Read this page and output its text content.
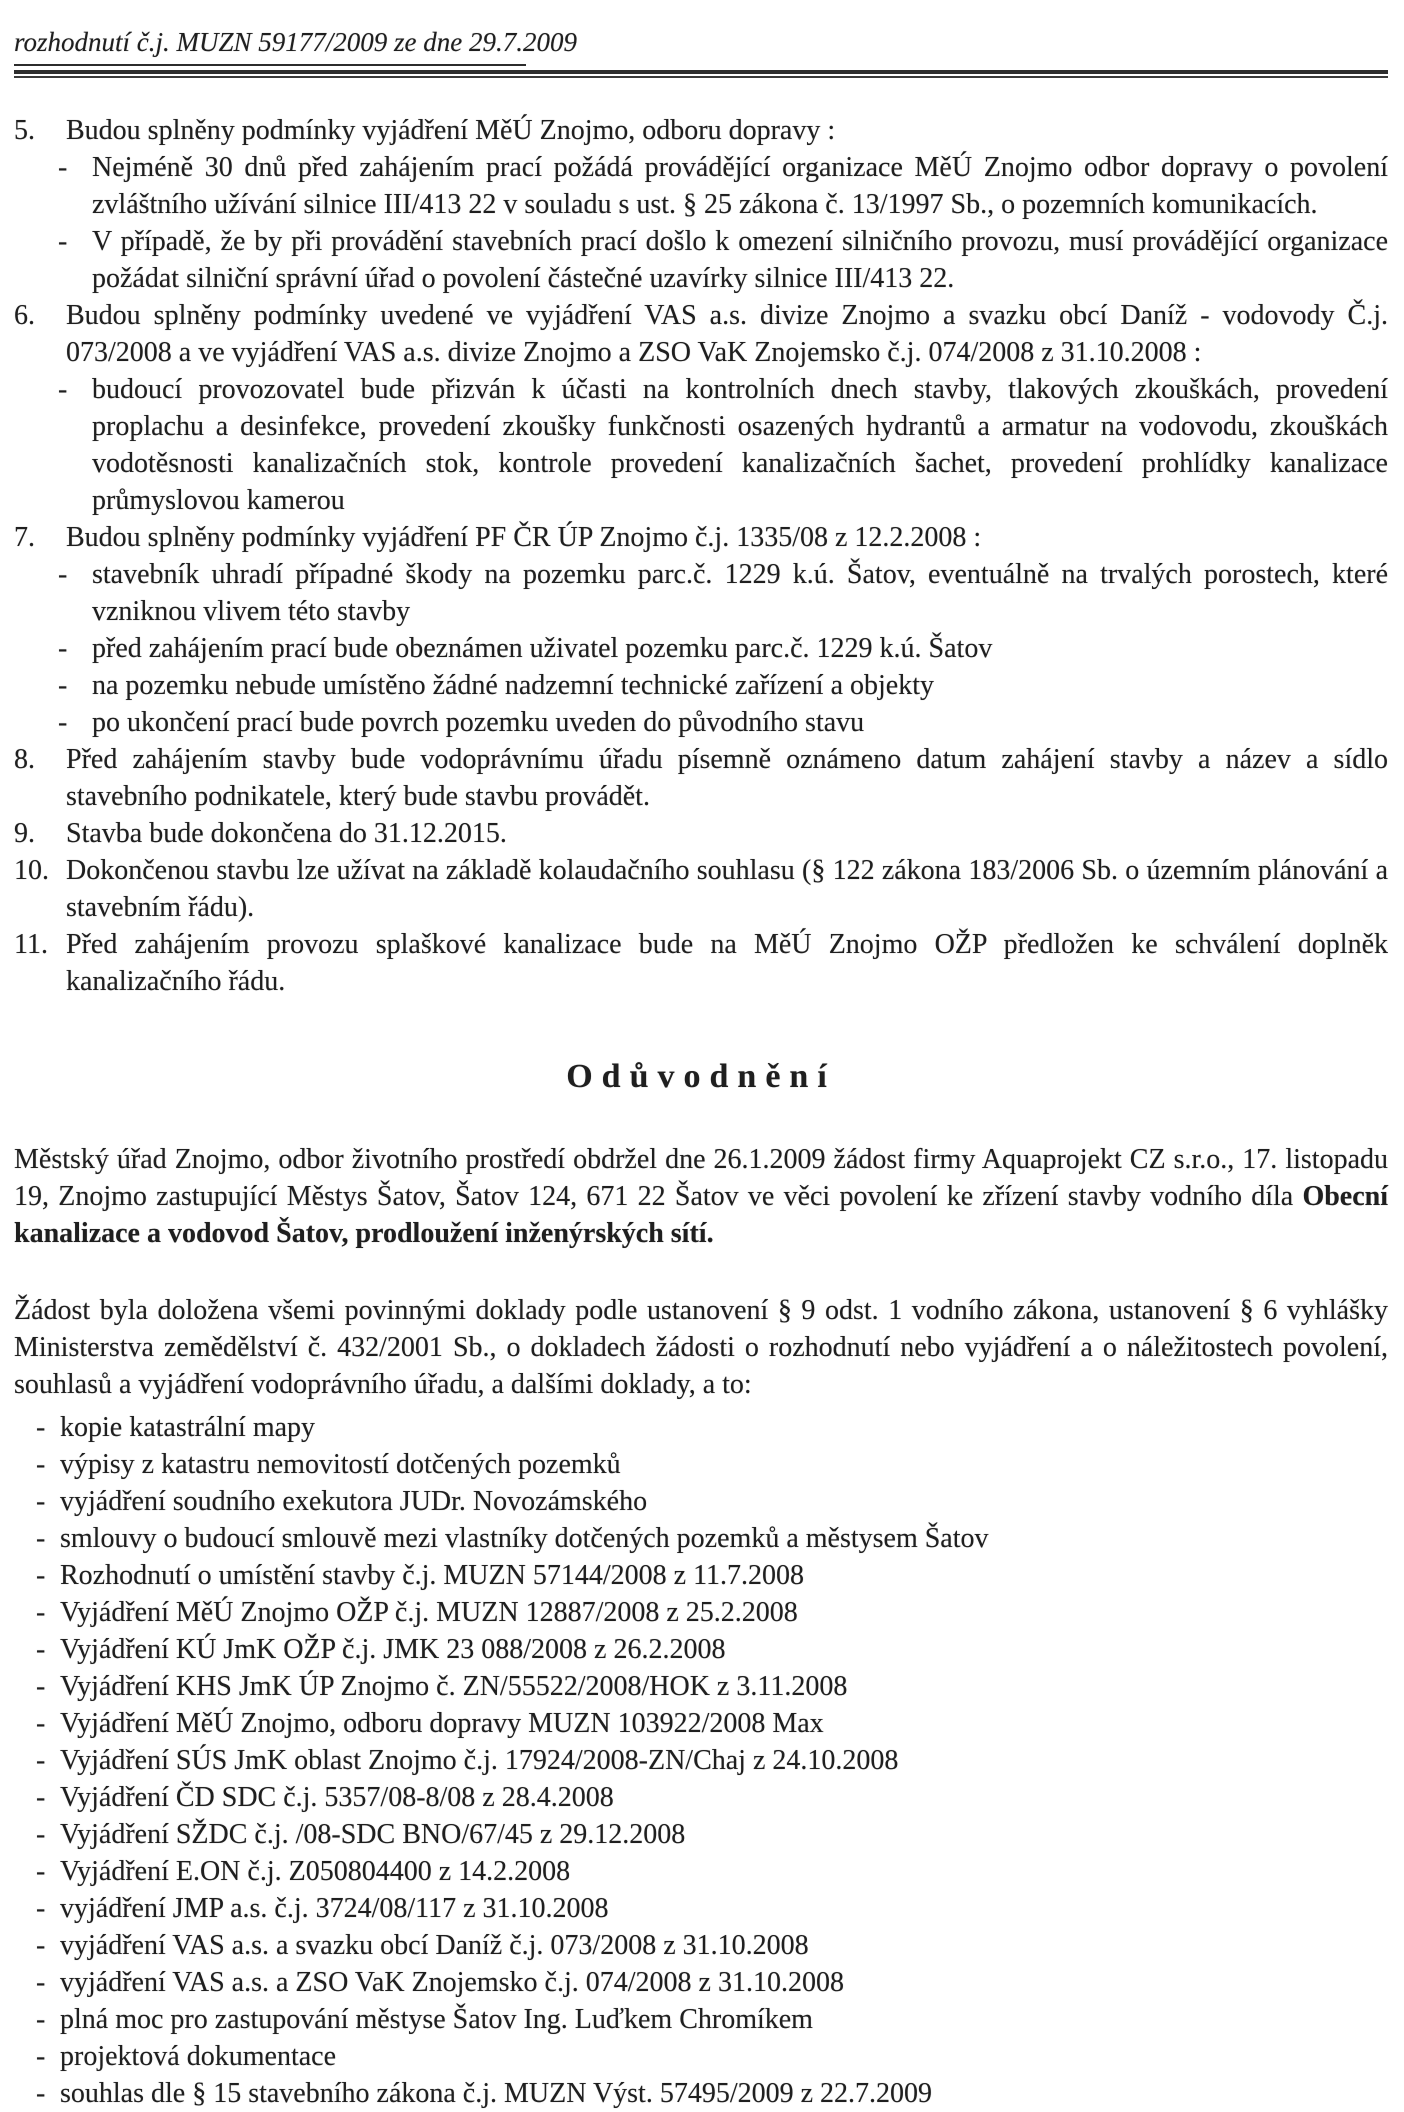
rozhodnutí č.j. MUZN 59177/2009 ze dne 29.7.2009
5.	Budou splněny podmínky vyjádření MěÚ Znojmo, odboru dopravy :
- Nejméně 30 dnů před zahájením prací požádá provádějící organizace MěÚ Znojmo odbor dopravy o povolení zvláštního užívání silnice III/413 22 v souladu s ust. § 25 zákona č. 13/1997 Sb., o pozemních komunikacích.
- V případě, že by při provádění stavebních prací došlo k omezení silničního provozu, musí provádějící organizace požádat silniční správní úřad o povolení částečné uzavírky silnice III/413 22.
6.	Budou splněny podmínky uvedené ve vyjádření VAS a.s. divize Znojmo a svazku obcí Daníž - vodovody Č.j. 073/2008 a ve vyjádření VAS a.s. divize Znojmo a ZSO VaK Znojemsko č.j. 074/2008 z 31.10.2008 :
- budoucí provozovatel bude přizván k účasti na kontrolních dnech stavby, tlakových zkouškách, provedení proplachu a desinfekce, provedení zkoušky funkčnosti osazených hydrantů a armatur na vodovodu, zkouškách vodotěsnosti kanalizačních stok, kontrole provedení kanalizačních šachet, provedení prohlídky kanalizace průmyslovou kamerou
7.	Budou splněny podmínky vyjádření PF ČR ÚP Znojmo č.j. 1335/08 z 12.2.2008 :
- stavebník uhradí případné škody na pozemku parc.č. 1229 k.ú. Šatov, eventuálně na trvalých porostech, které vzniknou vlivem této stavby
- před zahájením prací bude obeznámen uživatel pozemku parc.č. 1229 k.ú. Šatov
- na pozemku nebude umístěno žádné nadzemní technické zařízení a objekty
- po ukončení prací bude povrch pozemku uveden do původního stavu
8.	Před zahájením stavby bude vodoprávnímu úřadu písemně oznámeno datum zahájení stavby a název a sídlo stavebního podnikatele, který bude stavbu provádět.
9.	Stavba bude dokončena do 31.12.2015.
10. Dokončenou stavbu lze užívat na základě kolaudačního souhlasu (§ 122 zákona 183/2006 Sb. o územním plánování a stavebním řádu).
11. Před zahájením provozu splaškové kanalizace bude na MěÚ Znojmo OŽP předložen ke schválení doplněk kanalizačního řádu.
Odůvodnění

Městský úřad Znojmo, odbor životního prostředí obdržel dne 26.1.2009 žádost firmy Aquaprojekt CZ s.r.o., 17. listopadu 19, Znojmo zastupující Městys Šatov, Šatov 124, 671 22 Šatov ve věci povolení ke zřízení stavby vodního díla Obecní kanalizace a vodovod Šatov, prodloužení inženýrských sítí.

Žádost byla doložena všemi povinnými doklady podle ustanovení § 9 odst. 1 vodního zákona, ustanovení § 6 vyhlášky Ministerstva zemědělství č. 432/2001 Sb., o dokladech žádosti o rozhodnutí nebo vyjádření a o náležitostech povolení, souhlasů a vyjádření vodoprávního úřadu, a dalšími doklady, a to:

- kopie katastrální mapy
- výpisy z katastru nemovitostí dotčených pozemků
- vyjádření soudního exekutora JUDr. Novozámského
- smlouvy o budoucí smlouvě mezi vlastníky dotčených pozemků a městysem Šatov
- Rozhodnutí o umístění stavby č.j. MUZN 57144/2008 z 11.7.2008
- Vyjádření MěÚ Znojmo OŽP č.j. MUZN 12887/2008 z 25.2.2008
- Vyjádření KÚ JmK OŽP č.j. JMK 23 088/2008 z 26.2.2008
- Vyjádření KHS JmK ÚP Znojmo č. ZN/55522/2008/HOK z 3.11.2008
- Vyjádření MěÚ Znojmo, odboru dopravy MUZN 103922/2008 Max
- Vyjádření SÚS JmK oblast Znojmo č.j. 17924/2008-ZN/Chaj z 24.10.2008
- Vyjádření ČD SDC č.j. 5357/08-8/08 z 28.4.2008
- Vyjádření SŽDC č.j. /08-SDC BNO/67/45 z 29.12.2008
- Vyjádření E.ON č.j. Z050804400 z 14.2.2008
- vyjádření JMP a.s. č.j. 3724/08/117 z 31.10.2008
- vyjádření VAS a.s. a svazku obcí Daníž č.j. 073/2008 z 31.10.2008
- vyjádření VAS a.s. a ZSO VaK Znojemsko č.j. 074/2008 z 31.10.2008
- plná moc pro zastupování městyse Šatov Ing. Luďkem Chromíkem
- projektová dokumentace
- souhlas dle § 15 stavebního zákona č.j. MUZN Výst. 57495/2009 z 22.7.2009
